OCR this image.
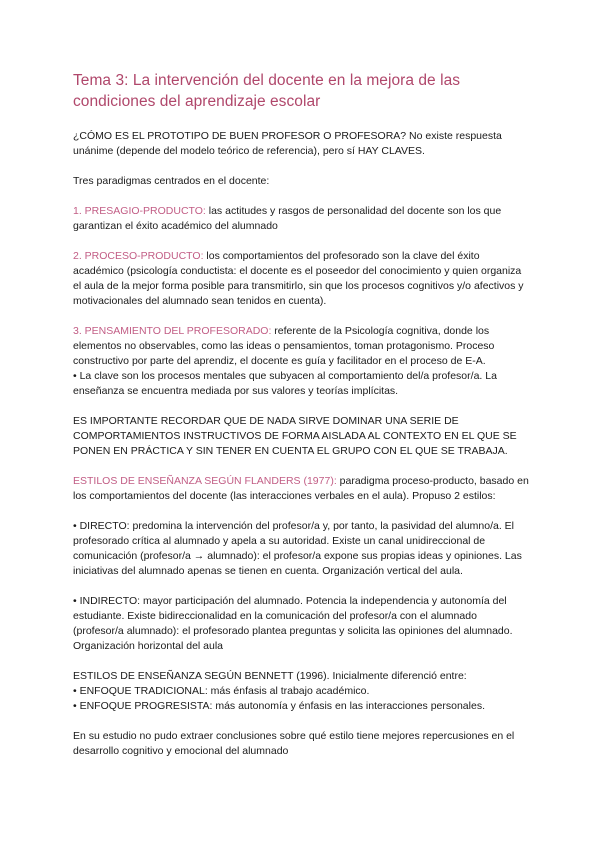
Tema 3: La intervención del docente en la mejora de las condiciones del aprendizaje escolar

¿CÓMO ES EL PROTOTIPO DE BUEN PROFESOR O PROFESORA? No existe respuesta unánime (depende del modelo teórico de referencia), pero sí HAY CLAVES.

Tres paradigmas centrados en el docente:

1. PRESAGIO-PRODUCTO: las actitudes y rasgos de personalidad del docente son los que garantizan el éxito académico del alumnado

2. PROCESO-PRODUCTO: los comportamientos del profesorado son la clave del éxito académico (psicología conductista: el docente es el poseedor del conocimiento y quien organiza el aula de la mejor forma posible para transmitirlo, sin que los procesos cognitivos y/o afectivos y motivacionales del alumnado sean tenidos en cuenta).

3. PENSAMIENTO DEL PROFESORADO: referente de la Psicología cognitiva, donde los elementos no observables, como las ideas o pensamientos, toman protagonismo. Proceso constructivo por parte del aprendiz, el docente es guía y facilitador en el proceso de E-A.

• La clave son los procesos mentales que subyacen al comportamiento del/a profesor/a. La enseñanza se encuentra mediada por sus valores y teorías implícitas.

ES IMPORTANTE RECORDAR QUE DE NADA SIRVE DOMINAR UNA SERIE DE COMPORTAMIENTOS INSTRUCTIVOS DE FORMA AISLADA AL CONTEXTO EN EL QUE SE PONEN EN PRÁCTICA Y SIN TENER EN CUENTA EL GRUPO CON EL QUE SE TRABAJA.

ESTILOS DE ENSEÑANZA SEGÚN FLANDERS (1977): paradigma proceso-producto, basado en los comportamientos del docente (las interacciones verbales en el aula). Propuso 2 estilos:

• DIRECTO: predomina la intervención del profesor/a y, por tanto, la pasividad del alumno/a. El profesorado crítica al alumnado y apela a su autoridad. Existe un canal unidireccional de comunicación (profesor/a → alumnado): el profesor/a expone sus propias ideas y opiniones. Las iniciativas del alumnado apenas se tienen en cuenta. Organización vertical del aula.

• INDIRECTO: mayor participación del alumnado. Potencia la independencia y autonomía del estudiante. Existe bidireccionalidad en la comunicación del profesor/a con el alumnado (profesor/a alumnado): el profesorado plantea preguntas y solicita las opiniones del alumnado. Organización horizontal del aula

ESTILOS DE ENSEÑANZA SEGÚN BENNETT (1996). Inicialmente diferenció entre:

• ENFOQUE TRADICIONAL: más énfasis al trabajo académico.

• ENFOQUE PROGRESISTA: más autonomía y énfasis en las interacciones personales.

En su estudio no pudo extraer conclusiones sobre qué estilo tiene mejores repercusiones en el desarrollo cognitivo y emocional del alumnado
